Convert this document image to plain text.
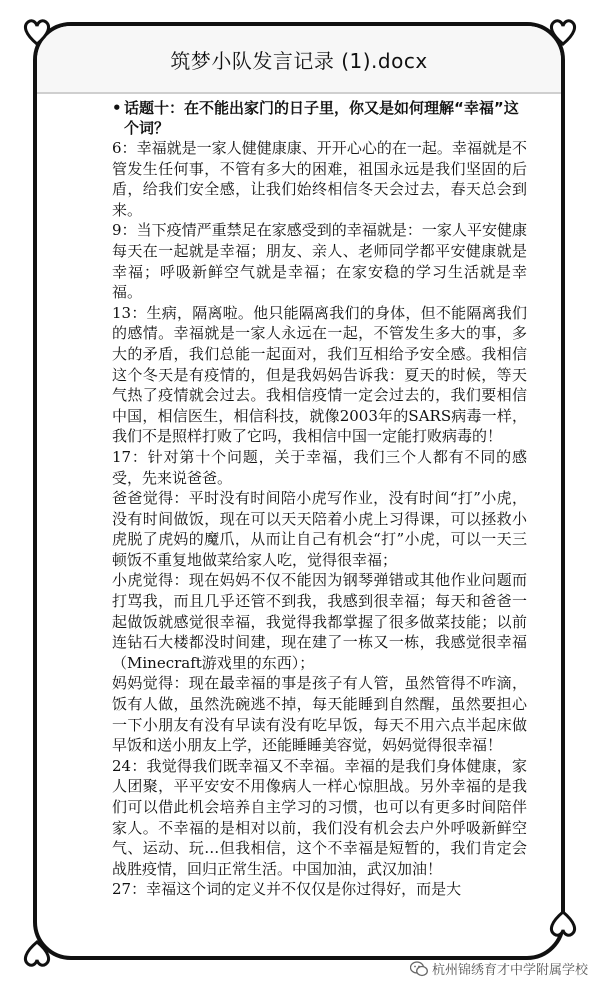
筑梦小队发言记录 (1).docx
• 话题十：在不能出家门的日子里，你又是如何理解“幸福”这个词？

6：幸福就是一家人健健康康、开开心心的在一起。幸福就是不管发生任何事，不管有多大的困难，祖国永远是我们坚固的后盾，给我们安全感，让我们始终相信冬天会过去，春天总会到来。

9：当下疫情严重禁足在家感受到的幸福就是：一家人平安健康每天在一起就是幸福；朋友、亲人、老师同学都平安健康就是幸福；呼吸新鲜空气就是幸福；在家安稳的学习生活就是幸福。

13：生病，隔离啦。他只能隔离我们的身体，但不能隔离我们的感情。幸福就是一家人永远在一起，不管发生多大的事，多大的矛盾，我们总能一起面对，我们互相给予安全感。我相信这个冬天是有疫情的，但是我妈妈告诉我：夏天的时候，等天气热了疫情就会过去。我相信疫情一定会过去的，我们要相信中国，相信医生，相信科技，就像2003年的SARS病毒一样，我们不是照样打败了它吗，我相信中国一定能打败病毒的！

17：针对第十个问题，关于幸福，我们三个人都有不同的感受，先来说爸爸。

爸爸觉得：平时没有时间陪小虎写作业，没有时间“打”小虎，没有时间做饭，现在可以天天陪着小虎上习得课，可以拯救小虎脱了虎妈的魔爪，从而让自己有机会“打”小虎，可以一天三顿饭不重复地做菜给家人吃，觉得很幸福；

小虎觉得：现在妈妈不仅不能因为钢琴弹错或其他作业问题而打骂我，而且几乎还管不到我，我感到很幸福；每天和爸爸一起做饭就感觉很幸福，我觉得我都掌握了很多做菜技能；以前连钻石大楼都没时间建，现在建了一栋又一栋，我感觉很幸福（Minecraft游戏里的东西）；

妈妈觉得：现在最幸福的事是孩子有人管，虽然管得不咋滴，饭有人做，虽然洗碗逃不掉，每天能睡到自然醒，虽然要担心一下小朋友有没有早读有没有吃早饭，每天不用六点半起床做早饭和送小朋友上学，还能睡睡美容觉，妈妈觉得很幸福！

24：我觉得我们既幸福又不幸福。幸福的是我们身体健康，家人团聚，平平安安不用像病人一样心惊胆战。另外幸福的是我们可以借此机会培养自主学习的习惯，也可以有更多时间陪伴家人。不幸福的是相对以前，我们没有机会去户外呼吸新鲜空气、运动、玩…但我相信，这个不幸福是短暂的，我们肯定会战胜疫情，回归正常生活。中国加油，武汉加油！

27：幸福这个词的定义并不仅仅是你过得好，而是大

杭州锦绣育才中学附属学校
